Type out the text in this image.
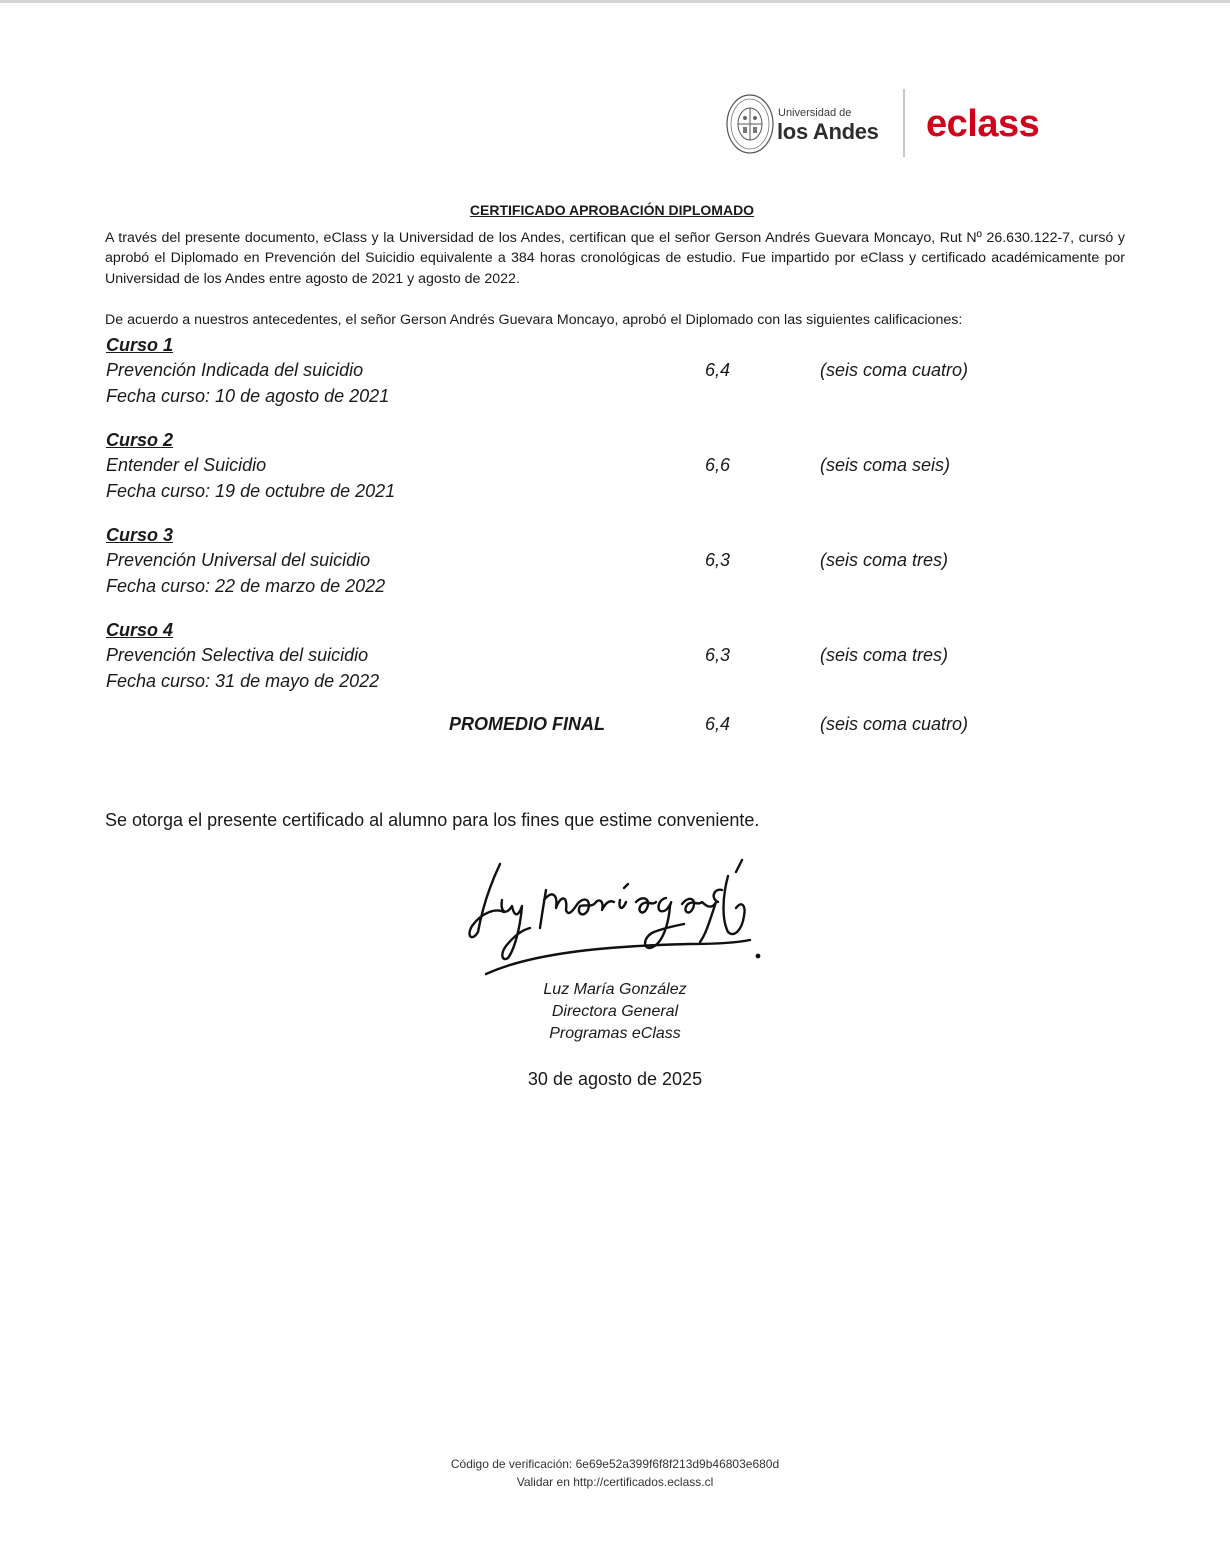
Universidad de
los Andes eclass
CERTIFICADO APROBACIÓN DIPLOMADO
A través del presente documento, eClass y la Universidad de los Andes, certifican que el señor Gerson Andrés Guevara Moncayo, Rut Nº 26.630.122-7, cursó y aprobó el Diplomado en Prevención del Suicidio equivalente a 384 horas cronológicas de estudio. Fue impartido por eClass y certificado académicamente por Universidad de los Andes entre agosto de 2021 y agosto de 2022.
De acuerdo a nuestros antecedentes, el señor Gerson Andrés Guevara Moncayo, aprobó el Diplomado con las siguientes calificaciones:
Curso 1
Prevención Indicada del suicidio	6,4	(seis coma cuatro)
Fecha curso: 10 de agosto de 2021
Curso 2
Entender el Suicidio	6,6	(seis coma seis)
Fecha curso: 19 de octubre de 2021
Curso 3
Prevención Universal del suicidio	6,3	(seis coma tres)
Fecha curso: 22 de marzo de 2022
Curso 4
Prevención Selectiva del suicidio	6,3	(seis coma tres)
Fecha curso: 31 de mayo de 2022
PROMEDIO FINAL	6,4	(seis coma cuatro)
Se otorga el presente certificado al alumno para los fines que estime conveniente.
Luz María González
Directora General
Programas eClass
30 de agosto de 2025
Código de verificación: 6e69e52a399f6f8f213d9b46803e680d
Validar en http://certificados.eclass.cl
